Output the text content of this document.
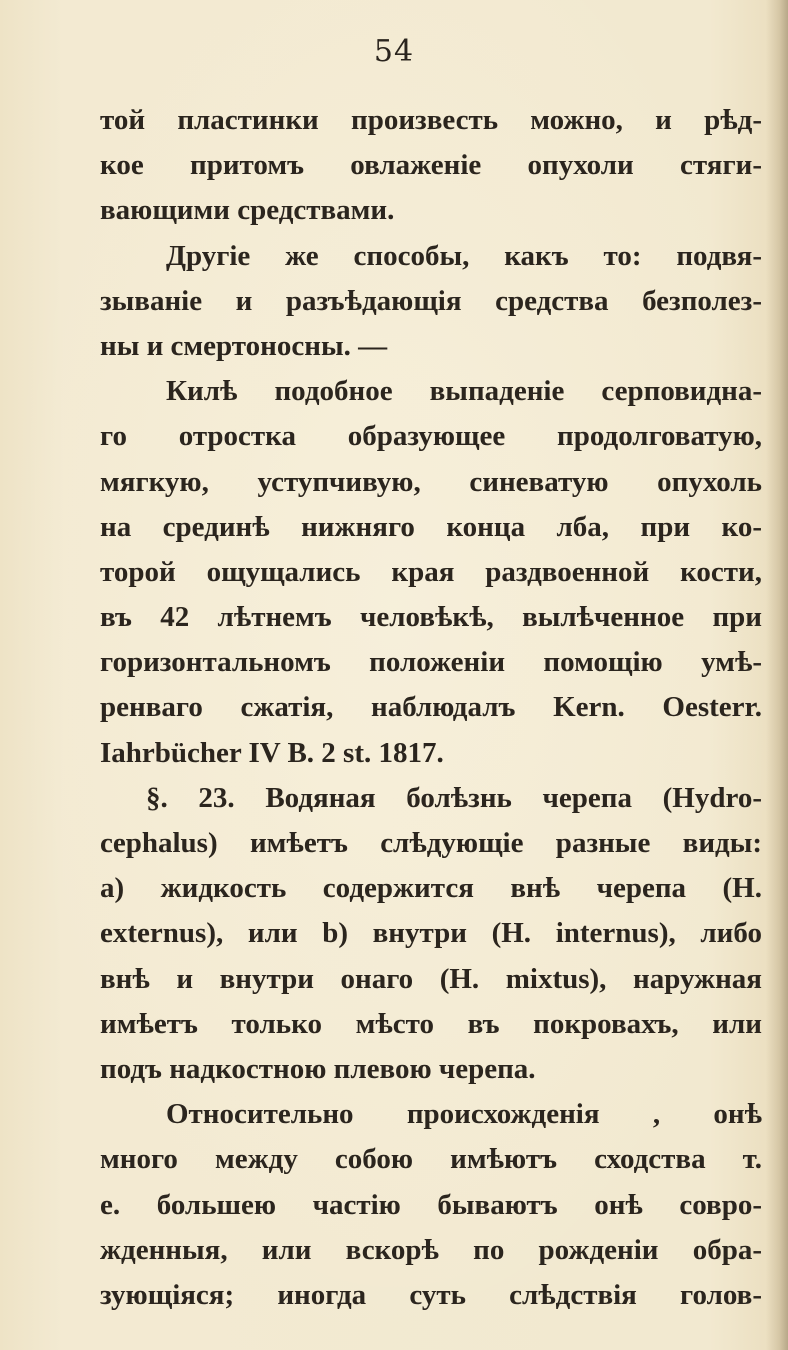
54
той пластинки произвесть можно, и рѣд-
кое притомъ овлаженіе опухоли стяги-
вающими средствами.
Другіе же способы, какъ то: подвя-
зываніе и разъѣдающія средства безполез-
ны и смертоносны. —
Килѣ подобное выпаденіе серповидна-
го отростка образующее продолговатую,
мягкую, уступчивую, синеватую опухоль
на срединѣ нижняго конца лба, при ко-
торой ощущались края раздвоенной кости,
въ 42 лѣтнемъ человѣкѣ, вылѣченное при
горизонтальномъ положеніи помощію умѣ-
ренваго сжатія, наблюдалъ Kern. Oesterr.
Iahrbücher IV B. 2 st. 1817.
§. 23. Водяная болѣзнь черепа (Hydro-
cephalus) имѣетъ слѣдующіе разные виды:
a) жидкость содержится внѣ черепа (H.
externus), или b) внутри (H. internus), либо
внѣ и внутри онаго (H. mixtus), наружная
имѣетъ только мѣсто въ покровахъ, или
подъ надкостною плевою черепа.
Относительно происхожденія , онѣ
много между собою имѣютъ сходства т.
е. большею частію бываютъ онѣ совро-
жденныя, или вскорѣ по рожденіи обра-
зующіяся; иногда суть слѣдствія голов-
